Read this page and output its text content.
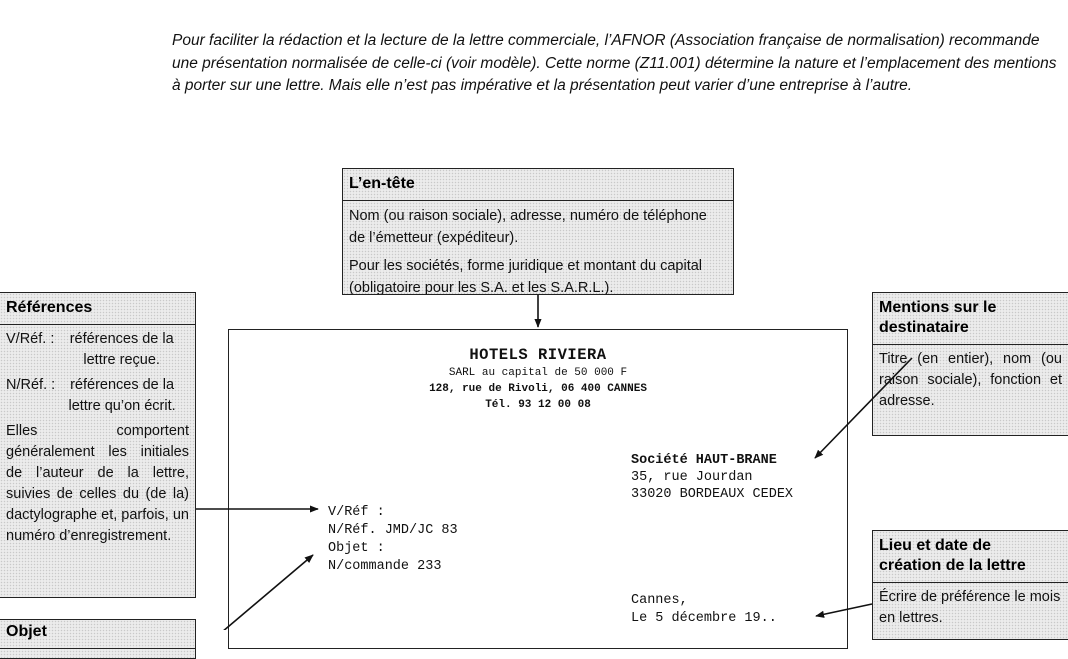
Pour faciliter la rédaction et la lecture de la lettre commerciale, l’AFNOR (Association française de normalisation) recommande une présentation normalisée de celle-ci (voir modèle). Cette norme (Z11.001) détermine la nature et l’emplacement des mentions à porter sur une lettre. Mais elle n’est pas impérative et la présentation peut varier d’une entreprise à l’autre.
L’en-tête

Nom (ou raison sociale), adresse, numéro de téléphone de l’émetteur (expéditeur).

Pour les sociétés, forme juridique et montant du capital (obligatoire pour les S.A. et les S.A.R.L.).

Références
V/Réf. :	références de la lettre reçue.
N/Réf. :	références de la lettre qu’on écrit.

Elles comportent généralement les initiales de l’auteur de la lettre, suivies de celles du (de la) dactylographe et, parfois, un numéro d’enregistrement.

Objet
Mentions sur le
destinataire

Titre (en entier), nom (ou raison sociale), fonction et adresse.

Lieu et date de
création de la lettre

Écrire de préférence le mois en lettres.

HOTELS RIVIERA
SARL au capital de 50 000 F
128, rue de Rivoli, 06 400 CANNES
Tél. 93 12 00 08
Société HAUT-BRANE
35, rue Jourdan
33020 BORDEAUX CEDEX
V/Réf :
N/Réf. JMD/JC 83
Objet :
N/commande 233
Cannes,
Le 5 décembre 19..
